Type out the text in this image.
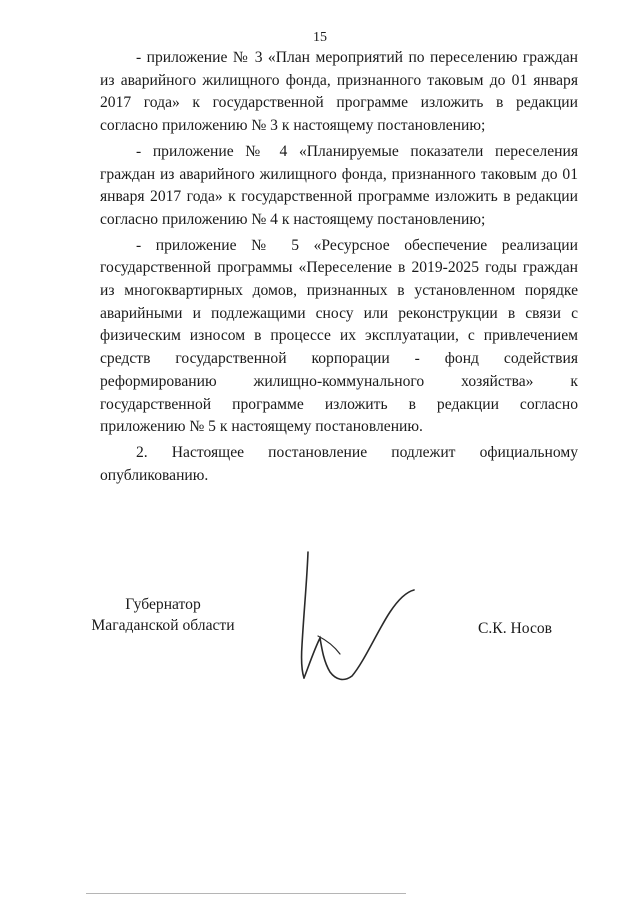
15

- приложение № 3 «План мероприятий по переселению граждан из аварийного жилищного фонда, признанного таковым до 01 января 2017 года» к государственной программе изложить в редакции согласно приложению № 3 к настоящему постановлению;

- приложение № 4 «Планируемые показатели переселения граждан из аварийного жилищного фонда, признанного таковым до 01 января 2017 года» к государственной программе изложить в редакции согласно приложению № 4 к настоящему постановлению;

- приложение № 5 «Ресурсное обеспечение реализации государственной программы «Переселение в 2019-2025 годы граждан из многоквартирных домов, признанных в установленном порядке аварийными и подлежащими сносу или реконструкции в связи с физическим износом в процессе их эксплуатации, с привлечением средств государственной корпорации - фонд содействия реформированию жилищно-коммунального хозяйства» к государственной программе изложить в редакции согласно приложению № 5 к настоящему постановлению.

2. Настоящее постановление подлежит официальному опубликованию.

Губернатор
Магаданской области	С.К. Носов
